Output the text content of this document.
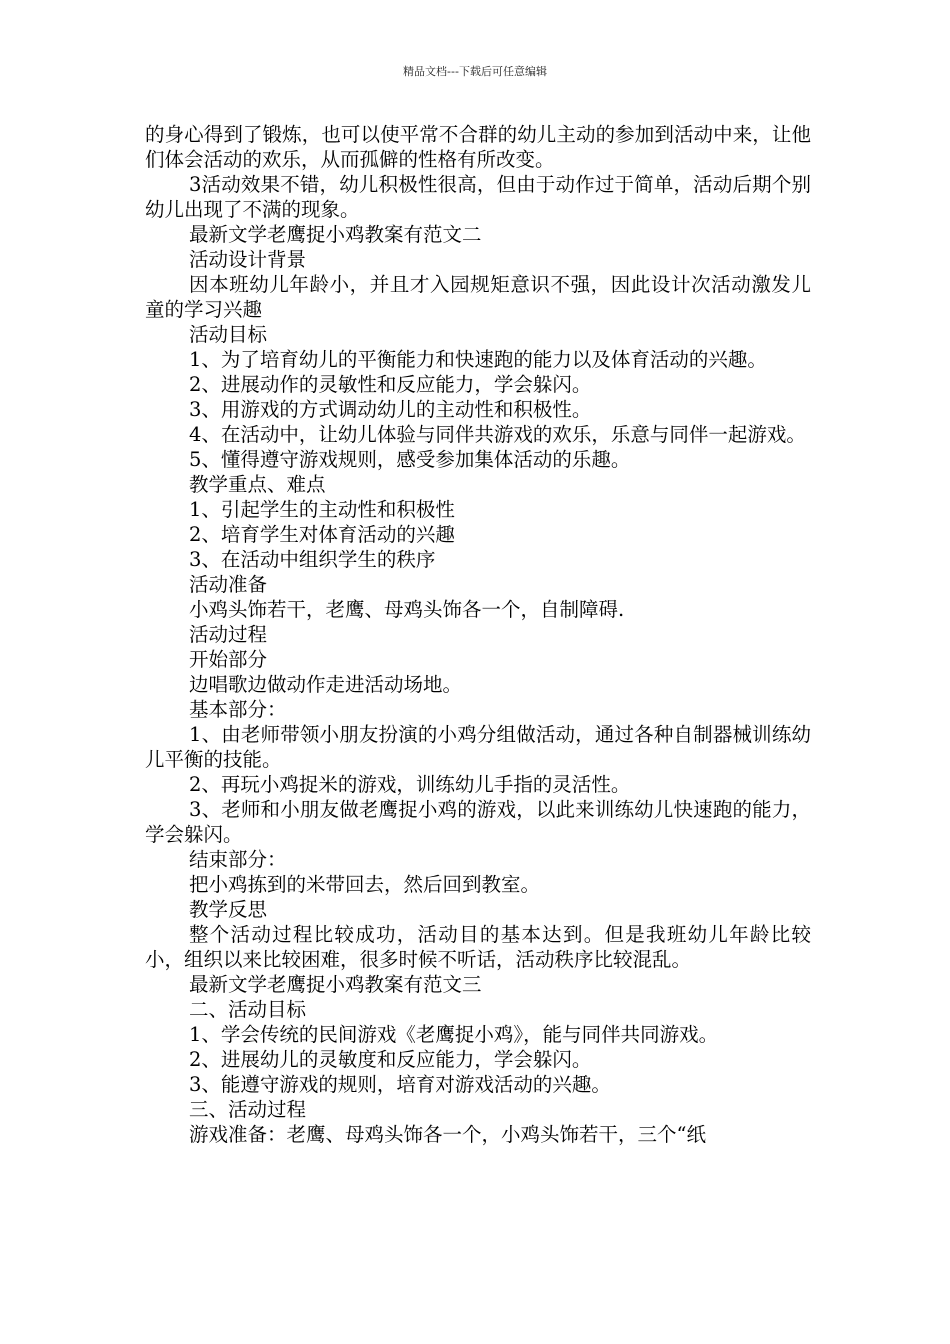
精品文档---下载后可任意编辑

的身心得到了锻炼，也可以使平常不合群的幼儿主动的参加到活动中来，让他们体会活动的欢乐，从而孤僻的性格有所改变。

3活动效果不错，幼儿积极性很高，但由于动作过于简单，活动后期个别幼儿出现了不满的现象。

最新文学老鹰捉小鸡教案有范文二

活动设计背景

因本班幼儿年龄小，并且才入园规矩意识不强，因此设计次活动激发儿童的学习兴趣

活动目标

1、为了培育幼儿的平衡能力和快速跑的能力以及体育活动的兴趣。

2、进展动作的灵敏性和反应能力，学会躲闪。

3、用游戏的方式调动幼儿的主动性和积极性。

4、在活动中，让幼儿体验与同伴共游戏的欢乐，乐意与同伴一起游戏。

5、懂得遵守游戏规则，感受参加集体活动的乐趣。

教学重点、难点

1、引起学生的主动性和积极性

2、培育学生对体育活动的兴趣

3、在活动中组织学生的秩序

活动准备

小鸡头饰若干，老鹰、母鸡头饰各一个，自制障碍.

活动过程

开始部分

边唱歌边做动作走进活动场地。

基本部分：

1、由老师带领小朋友扮演的小鸡分组做活动，通过各种自制器械训练幼儿平衡的技能。

2、再玩小鸡捉米的游戏，训练幼儿手指的灵活性。

3、老师和小朋友做老鹰捉小鸡的游戏，以此来训练幼儿快速跑的能力，学会躲闪。

结束部分：

把小鸡拣到的米带回去，然后回到教室。

教学反思

整个活动过程比较成功，活动目的基本达到。但是我班幼儿年龄比较小，组织以来比较困难，很多时候不听话，活动秩序比较混乱。

最新文学老鹰捉小鸡教案有范文三

二、活动目标

1、学会传统的民间游戏《老鹰捉小鸡》，能与同伴共同游戏。

2、进展幼儿的灵敏度和反应能力，学会躲闪。

3、能遵守游戏的规则，培育对游戏活动的兴趣。

三、活动过程

游戏准备：老鹰、母鸡头饰各一个，小鸡头饰若干，三个“纸
